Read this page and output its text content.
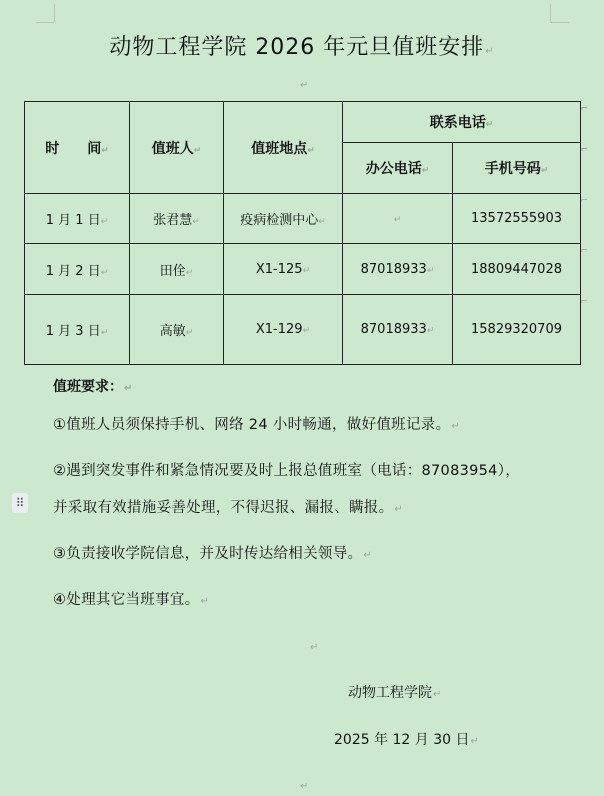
动物工程学院 2026 年元旦值班安排↵
↵
时　　间↵	值班人↵	值班地点↵	联系电话↵
⌐	

			办公电话↵	手机号码↵
⌐

1 月 1 日↵	张君慧↵	疫病检测中心↵	↵	13572555903
⌐

1 月 2 日↵	田佺↵	X1-125↵	87018933↵	18809447028
⌐

1 月 3 日↵	高敏↵	X1-129↵	87018933↵	15829320709
⌐
值班要求：↵
①值班人员须保持手机、网络 24 小时畅通，做好值班记录。↵
②遇到突发事件和紧急情况要及时上报总值班室（电话：87083954），
⠿ 并采取有效措施妥善处理，不得迟报、漏报、瞒报。↵
③负责接收学院信息，并及时传达给相关领导。↵
④处理其它当班事宜。↵
↵
动物工程学院↵
2025 年 12 月 30 日↵
↵
